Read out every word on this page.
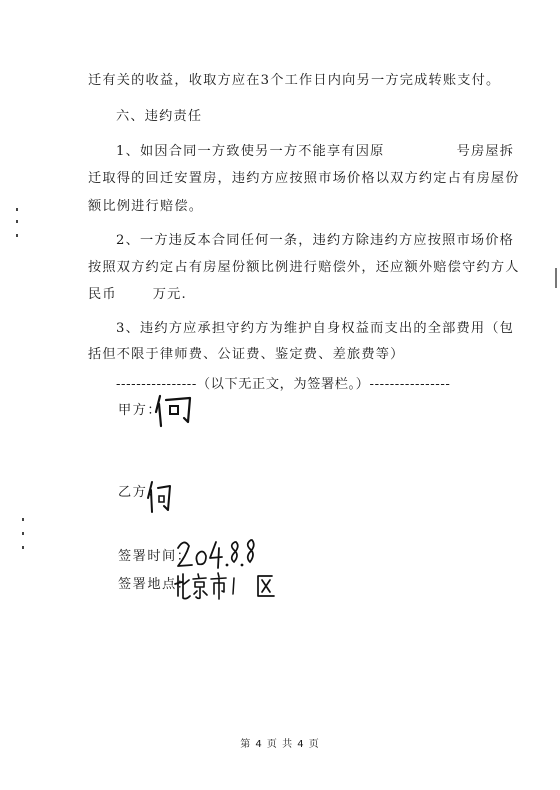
迁有关的收益，收取方应在3个工作日内向另一方完成转账支付。
六、违约责任
1、如因合同一方致使另一方不能享有因原	号房屋拆
迁取得的回迁安置房，违约方应按照市场价格以双方约定占有房屋份
额比例进行赔偿。
2、一方违反本合同任何一条，违约方除违约方应按照市场价格
按照双方约定占有房屋份额比例进行赔偿外，还应额外赔偿守约方人
民币	万元.
3、违约方应承担守约方为维护自身权益而支出的全部费用（包
括但不限于律师费、公证费、鉴定费、差旅费等）
----------------（以下无正文，为签署栏。）----------------
甲方：
乙方：
签署时间：
签署地点：
第 4 页 共 4 页
